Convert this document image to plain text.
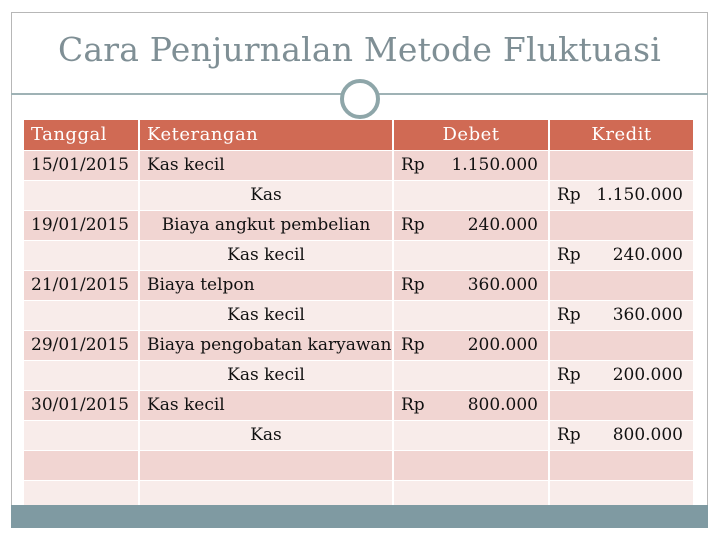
Cara Penjurnalan Metode Fluktuasi
Tanggal	Keterangan	Debet	Kredit
15/01/2015	Kas kecil	Rp 1.150.000	

	Kas		Rp 1.150.000

19/01/2015	Biaya angkut pembelian	Rp 240.000	

	Kas kecil		Rp 240.000

21/01/2015	Biaya telpon	Rp 360.000	

	Kas kecil		Rp 360.000

29/01/2015	Biaya pengobatan karyawan	Rp 200.000	

	Kas kecil		Rp 200.000

30/01/2015	Kas kecil	Rp 800.000	

	Kas		Rp 800.000
